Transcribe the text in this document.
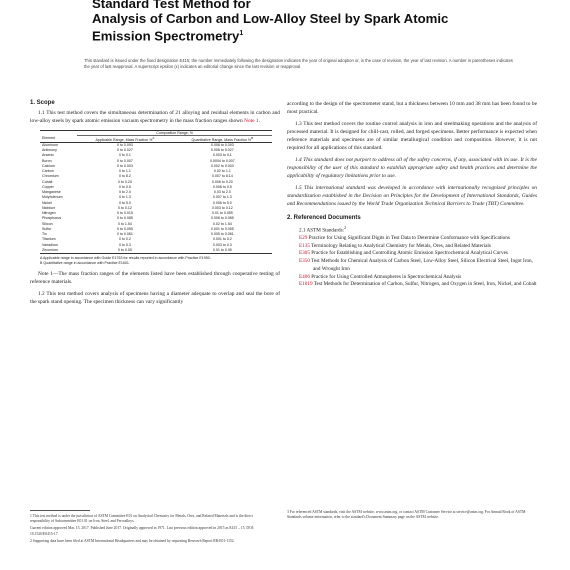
Standard Test Method for
Analysis of Carbon and Low-Alloy Steel by Spark Atomic
Emission Spectrometry$^1$
This standard is issued under the fixed designation E415; the number immediately following the designation indicates the year of original adoption or, in the case of revision, the year of last revision. A number in parentheses indicates the year of last reapproval. A superscript epsilon (ε) indicates an editorial change since the last revision or reapproval.
1. Scope

1.1 This test method covers the simultaneous determination of 21 alloying and residual elements in carbon and low-alloy steels by spark atomic emission vacuum spectrometry in the mass fraction ranges shown Note 1.

	Composition Range, %	
Element	Applicable Range, Mass Fraction %$^A$	Quantitative Range, Mass Fraction %$^B$
Aluminum	0 to 0.093	0.006 to 0.093
Antimony	0 to 0.027	0.006 to 0.027
Arsenic	0 to 0.1	0.003 to 0.1
Boron	0 to 0.007	0.0004 to 0.007
Calcium	0 to 0.003	0.002 to 0.003
Carbon	0 to 1.1	0.02 to 1.1
Chromium	0 to 8.2	0.007 to 8.14
Cobalt	0 to 0.20	0.006 to 0.20
Copper	0 to 0.5	0.006 to 0.5
Manganese	0 to 2.0	0.03 to 2.0
Molybdenum	0 to 1.3	0.007 to 1.3
Nickel	0 to 5.0	0.006 to 5.0
Niobium	0 to 0.12	0.003 to 0.12
Nitrogen	0 to 0.015	0.01 to 0.055
Phosphorus	0 to 0.085	0.006 to 0.085
Silicon	0 to 1.54	0.02 to 1.54
Sulfur	0 to 0.055	0.001 to 0.055
Tin	0 to 0.061	0.005 to 0.061
Titanium	0 to 0.2	0.001 to 0.2
Vanadium	0 to 0.3	0.003 to 0.3
Zirconium	0 to 0.05	0.01 to 0.05
A Applicable range in accordance with Guide E1763 for results reported in accordance with Practice E1950.
B Quantitative range in accordance with Practice E1601.

Note 1—The mass fraction ranges of the elements listed have been established through cooperative testing of reference materials.

1.2 This test method covers analysis of specimens having a diameter adequate to overlap and seal the bore of the spark stand opening. The specimen thickness can vary significantly

according to the design of the spectrometer stand, but a thickness between 10 mm and 38 mm has been found to be most practical.

1.3 This test method covers the routine control analysis in iron and steelmaking operations and the analysis of processed material. It is designed for chill-cast, rolled, and forged specimens. Better performance is expected when reference materials and specimens are of similar metallurgical condition and composition. However, it is not required for all applications of this standard.

1.4 This standard does not purport to address all of the safety concerns, if any, associated with its use. It is the responsibility of the user of this standard to establish appropriate safety and health practices and determine the applicability of regulatory limitations prior to use.

1.5 This international standard was developed in accordance with internationally recognized principles on standardization established in the Decision on Principles for the Development of International Standards, Guides and Recommendations issued by the World Trade Organization Technical Barriers to Trade (TBT) Committee.

2. Referenced Documents
2.1 ASTM Standards:$^2$
E29 Practice for Using Significant Digits in Test Data to Determine Conformance with Specifications
E135 Terminology Relating to Analytical Chemistry for Metals, Ores, and Related Materials
E305 Practice for Establishing and Controlling Atomic Emission Spectrochemical Analytical Curves
E350 Test Methods for Chemical Analysis of Carbon Steel, Low-Alloy Steel, Silicon Electrical Steel, Ingot Iron, and Wrought Iron
E406 Practice for Using Controlled Atmospheres in Spectrochemical Analysis
E1019 Test Methods for Determination of Carbon, Sulfur, Nitrogen, and Oxygen in Steel, Iron, Nickel, and Cobalt

1 This test method is under the jurisdiction of ASTM Committee E01 on Analytical Chemistry for Metals, Ores, and Related Materials and is the direct responsibility of Subcommittee E01.01 on Iron, Steel, and Ferroalloys.

Current edition approved Mar. 15, 2017. Published June 2017. Originally approved in 1971. Last previous edition approved in 2015 as E415 – 15. DOI: 10.1520/E0415-17.

2 Supporting data have been filed at ASTM International Headquarters and may be obtained by requesting Research Report RR:E01-1152.

3 For referenced ASTM standards, visit the ASTM website, www.astm.org, or contact ASTM Customer Service at service@astm.org. For Annual Book of ASTM Standards volume information, refer to the standard's Document Summary page on the ASTM website.
